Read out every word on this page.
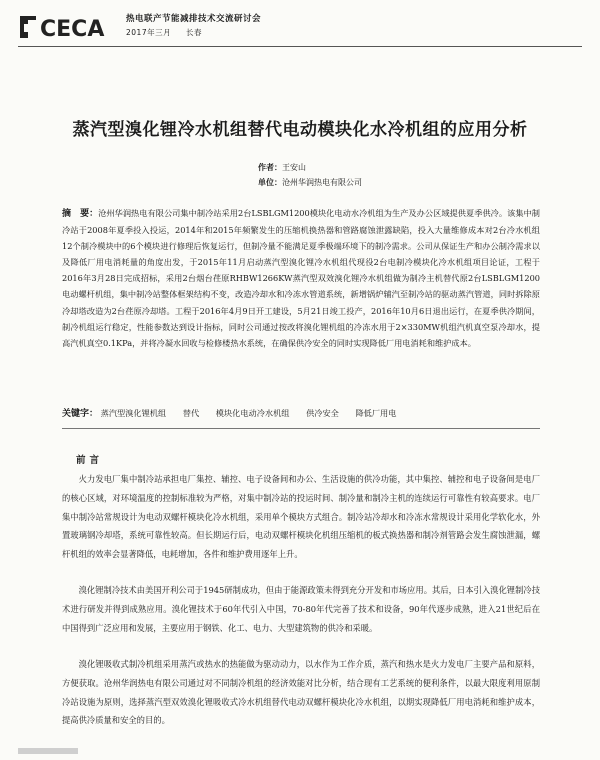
CECA	热电联产节能减排技术交流研讨会
2017年三月 长春
蒸汽型溴化锂冷水机组替代电动模块化水冷机组的应用分析
作者：王安山
单位：沧州华润热电有限公司
摘　要：沧州华润热电有限公司集中制冷站采用2台LSBLGM1200模块化电动水冷机组为生产及办公区域提供夏季供冷。该集中制冷站于2008年夏季投入投运，2014年和2015年频繁发生的压缩机换热器和管路腐蚀泄露缺陷，投入大量维修成本对2台冷水机组12个制冷模块中的6个模块进行修理后恢复运行，但制冷量不能满足夏季极端环境下的制冷需求。公司从保证生产和办公制冷需求以及降低厂用电消耗量的角度出发，于2015年11月启动蒸汽型溴化锂冷水机组代现役2台电制冷模块化冷水机组项目论证，工程于2016年3月28日完成招标，采用2台烟台荏原RHBW1266KW蒸汽型双效溴化锂冷水机组做为制冷主机替代原2台LSBLGM1200电动螺杆机组，集中制冷站整体框架结构不变，改造冷却水和冷冻水管道系统，新增锅炉辅汽至制冷站的驱动蒸汽管道，同时拆除原冷却塔改造为2台荏原冷却塔。工程于2016年4月9日开工建设，5月21日竣工投产，2016年10月6日退出运行，在夏季供冷期间，制冷机组运行稳定，性能参数达到设计指标，同时公司通过按改将溴化锂机组的冷冻水用于2×330MW机组汽机真空泵冷却水，提高汽机真空0.1KPa，并将冷凝水回收与检修楼热水系统，在确保供冷安全的同时实现降低厂用电消耗和维护成本。
关键字： 蒸汽型溴化锂机组 替代 模块化电动冷水机组 供冷安全 降低厂用电
前言

火力发电厂集中制冷站承担电厂集控、辅控、电子设备间和办公、生活设施的供冷功能，其中集控、辅控和电子设备间是电厂的核心区域，对环境温度的控制标准较为严格，对集中制冷站的投运时间、制冷量和制冷主机的连续运行可靠性有较高要求。电厂集中制冷站常规设计为电动双螺杆模块化冷水机组，采用单个模块方式组合。制冷站冷却水和冷冻水常规设计采用化学软化水，外置玻璃钢冷却塔，系统可靠性较高。但长期运行后，电动双螺杆模块化机组压缩机的板式换热器和制冷剂管路会发生腐蚀泄漏，螺杆机组的效率会显著降低，电耗增加，各件和维护费用逐年上升。

溴化锂制冷技术由美国开利公司于1945研制成功，但由于能源政策未得到充分开发和市场应用。其后，日本引入溴化锂制冷技术进行研发并得到成熟应用。溴化锂技术于60年代引入中国，70-80年代完善了技术和设备，90年代逐步成熟，进入21世纪后在中国得到广泛应用和发展，主要应用于钢铁、化工、电力、大型建筑物的供冷和采暖。

溴化锂吸收式制冷机组采用蒸汽或热水的热能做为驱动动力，以水作为工作介质，蒸汽和热水是火力发电厂主要产品和原料，方便获取。沧州华润热电有限公司通过对不同制冷机组的经济效能对比分析，结合现有工艺系统的便利条件，以最大限度利用原制冷站设施为原则，选择蒸汽型双效溴化锂吸收式冷水机组替代电动双螺杆模块化冷水机组，以期实现降低厂用电消耗和维护成本，提高供冷质量和安全的目的。
